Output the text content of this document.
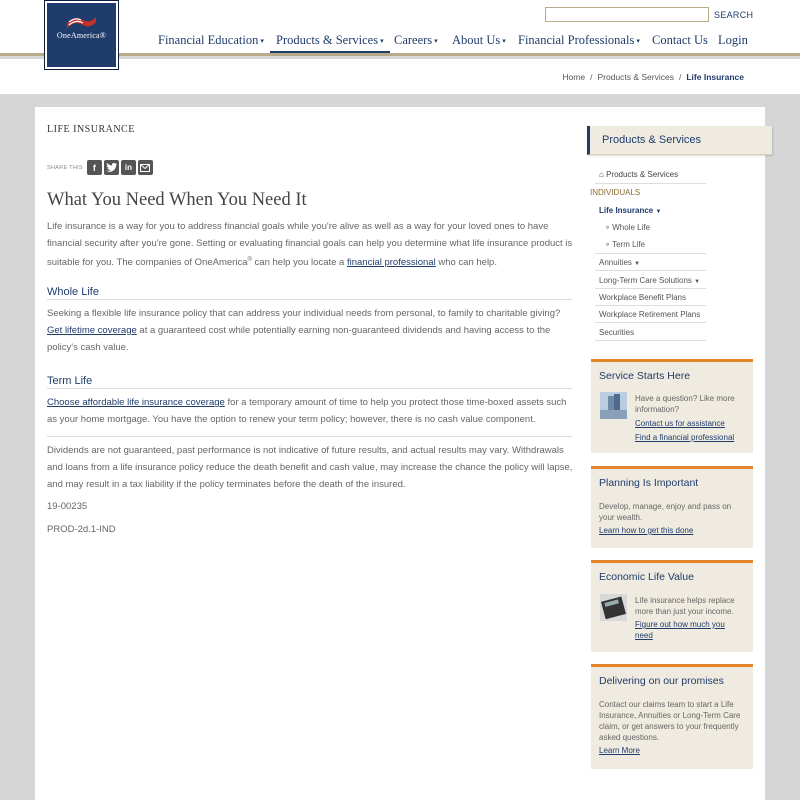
SEARCH
Financial Education ▾ Products & Services ▾ Careers ▾ About Us ▾ Financial Professionals ▾ Contact Us Login
OneAmerica®
Home / Products & Services / Life Insurance
LIFE INSURANCE
SHARE THIS	f	in
What You Need When You Need It
Life insurance is a way for you to address financial goals while you're alive as well as a way for your loved ones to have financial security after you're gone. Setting or evaluating financial goals can help you determine what life insurance product is suitable for you. The companies of OneAmerica® can help you locate a financial professional who can help.
Whole Life
Seeking a flexible life insurance policy that can address your individual needs from personal, to family to charitable giving? Get lifetime coverage at a guaranteed cost while potentially earning non-guaranteed dividends and having access to the policy's cash value.
Term Life
Choose affordable life insurance coverage for a temporary amount of time to help you protect those time-boxed assets such as your home mortgage. You have the option to renew your term policy; however, there is no cash value component.
Dividends are not guaranteed, past performance is not indicative of future results, and actual results may vary. Withdrawals and loans from a life insurance policy reduce the death benefit and cash value, may increase the chance the policy will lapse, and may result in a tax liability if the policy terminates before the death of the insured.
19-00235
PROD-2d.1-IND
Products & Services
⌂ Products & Services
INDIVIDUALS
Life Insurance ▼
∘ Whole Life
∘ Term Life
Annuities ▼
Long-Term Care Solutions ▼
Workplace Benefit Plans
Workplace Retirement Plans
Securities
Service Starts Here
Have a question? Like more information?
Contact us for assistance
Find a financial professional
Planning Is Important
Develop, manage, enjoy and pass on your wealth.
Learn how to get this done
Economic Life Value
Life insurance helps replace more than just your income.
Figure out how much you need
Delivering on our promises
Contact our claims team to start a Life Insurance, Annuities or Long-Term Care claim, or get answers to your frequently asked questions.
Learn More
